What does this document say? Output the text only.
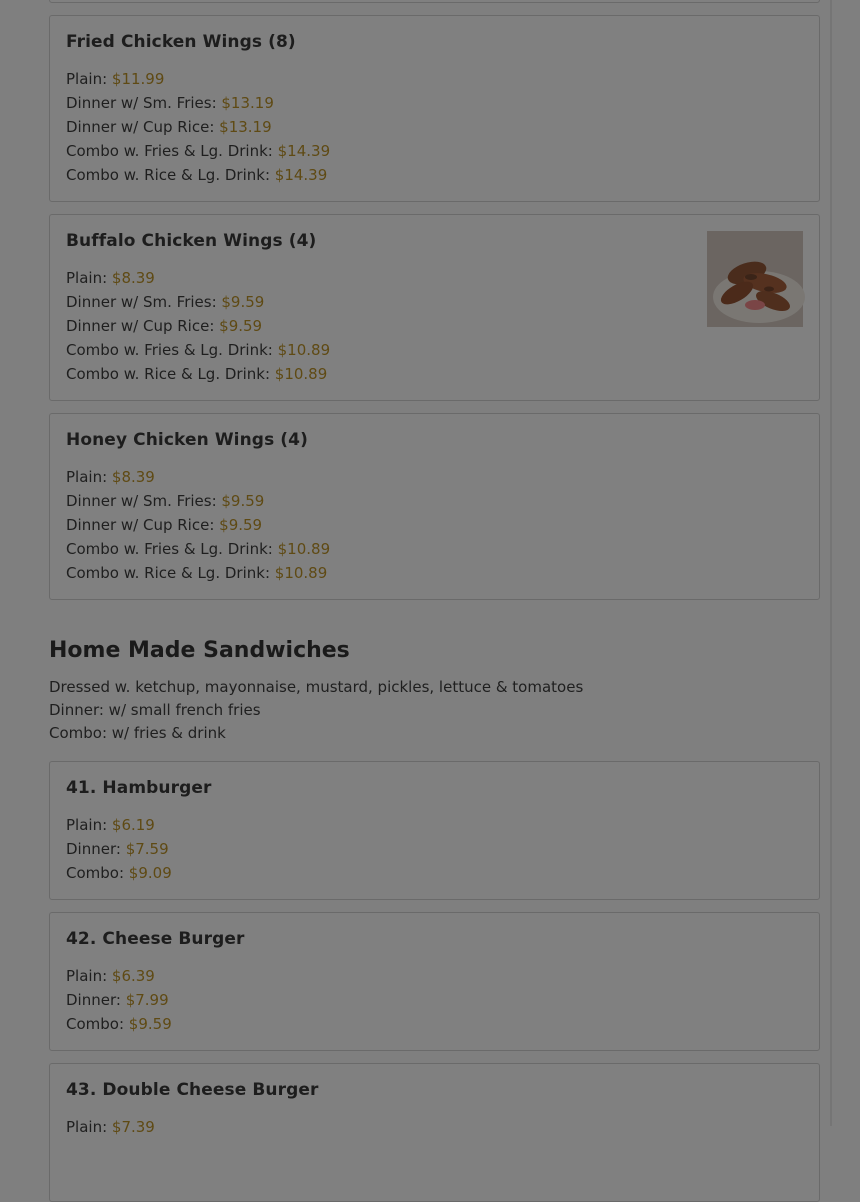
Fried Chicken Wings (8)
Plain: $11.99
Dinner w/ Sm. Fries: $13.19
Dinner w/ Cup Rice: $13.19
Combo w. Fries & Lg. Drink: $14.39
Combo w. Rice & Lg. Drink: $14.39
Buffalo Chicken Wings (4)
Plain: $8.39
Dinner w/ Sm. Fries: $9.59
Dinner w/ Cup Rice: $9.59
Combo w. Fries & Lg. Drink: $10.89
Combo w. Rice & Lg. Drink: $10.89
Honey Chicken Wings (4)
Plain: $8.39
Dinner w/ Sm. Fries: $9.59
Dinner w/ Cup Rice: $9.59
Combo w. Fries & Lg. Drink: $10.89
Combo w. Rice & Lg. Drink: $10.89
Home Made Sandwiches
Dressed w. ketchup, mayonnaise, mustard, pickles, lettuce & tomatoes
Dinner: w/ small french fries
Combo: w/ fries & drink
41. Hamburger
Plain: $6.19
Dinner: $7.59
Combo: $9.09
42. Cheese Burger
Plain: $6.39
Dinner: $7.99
Combo: $9.59
43. Double Cheese Burger
Plain: $7.39
